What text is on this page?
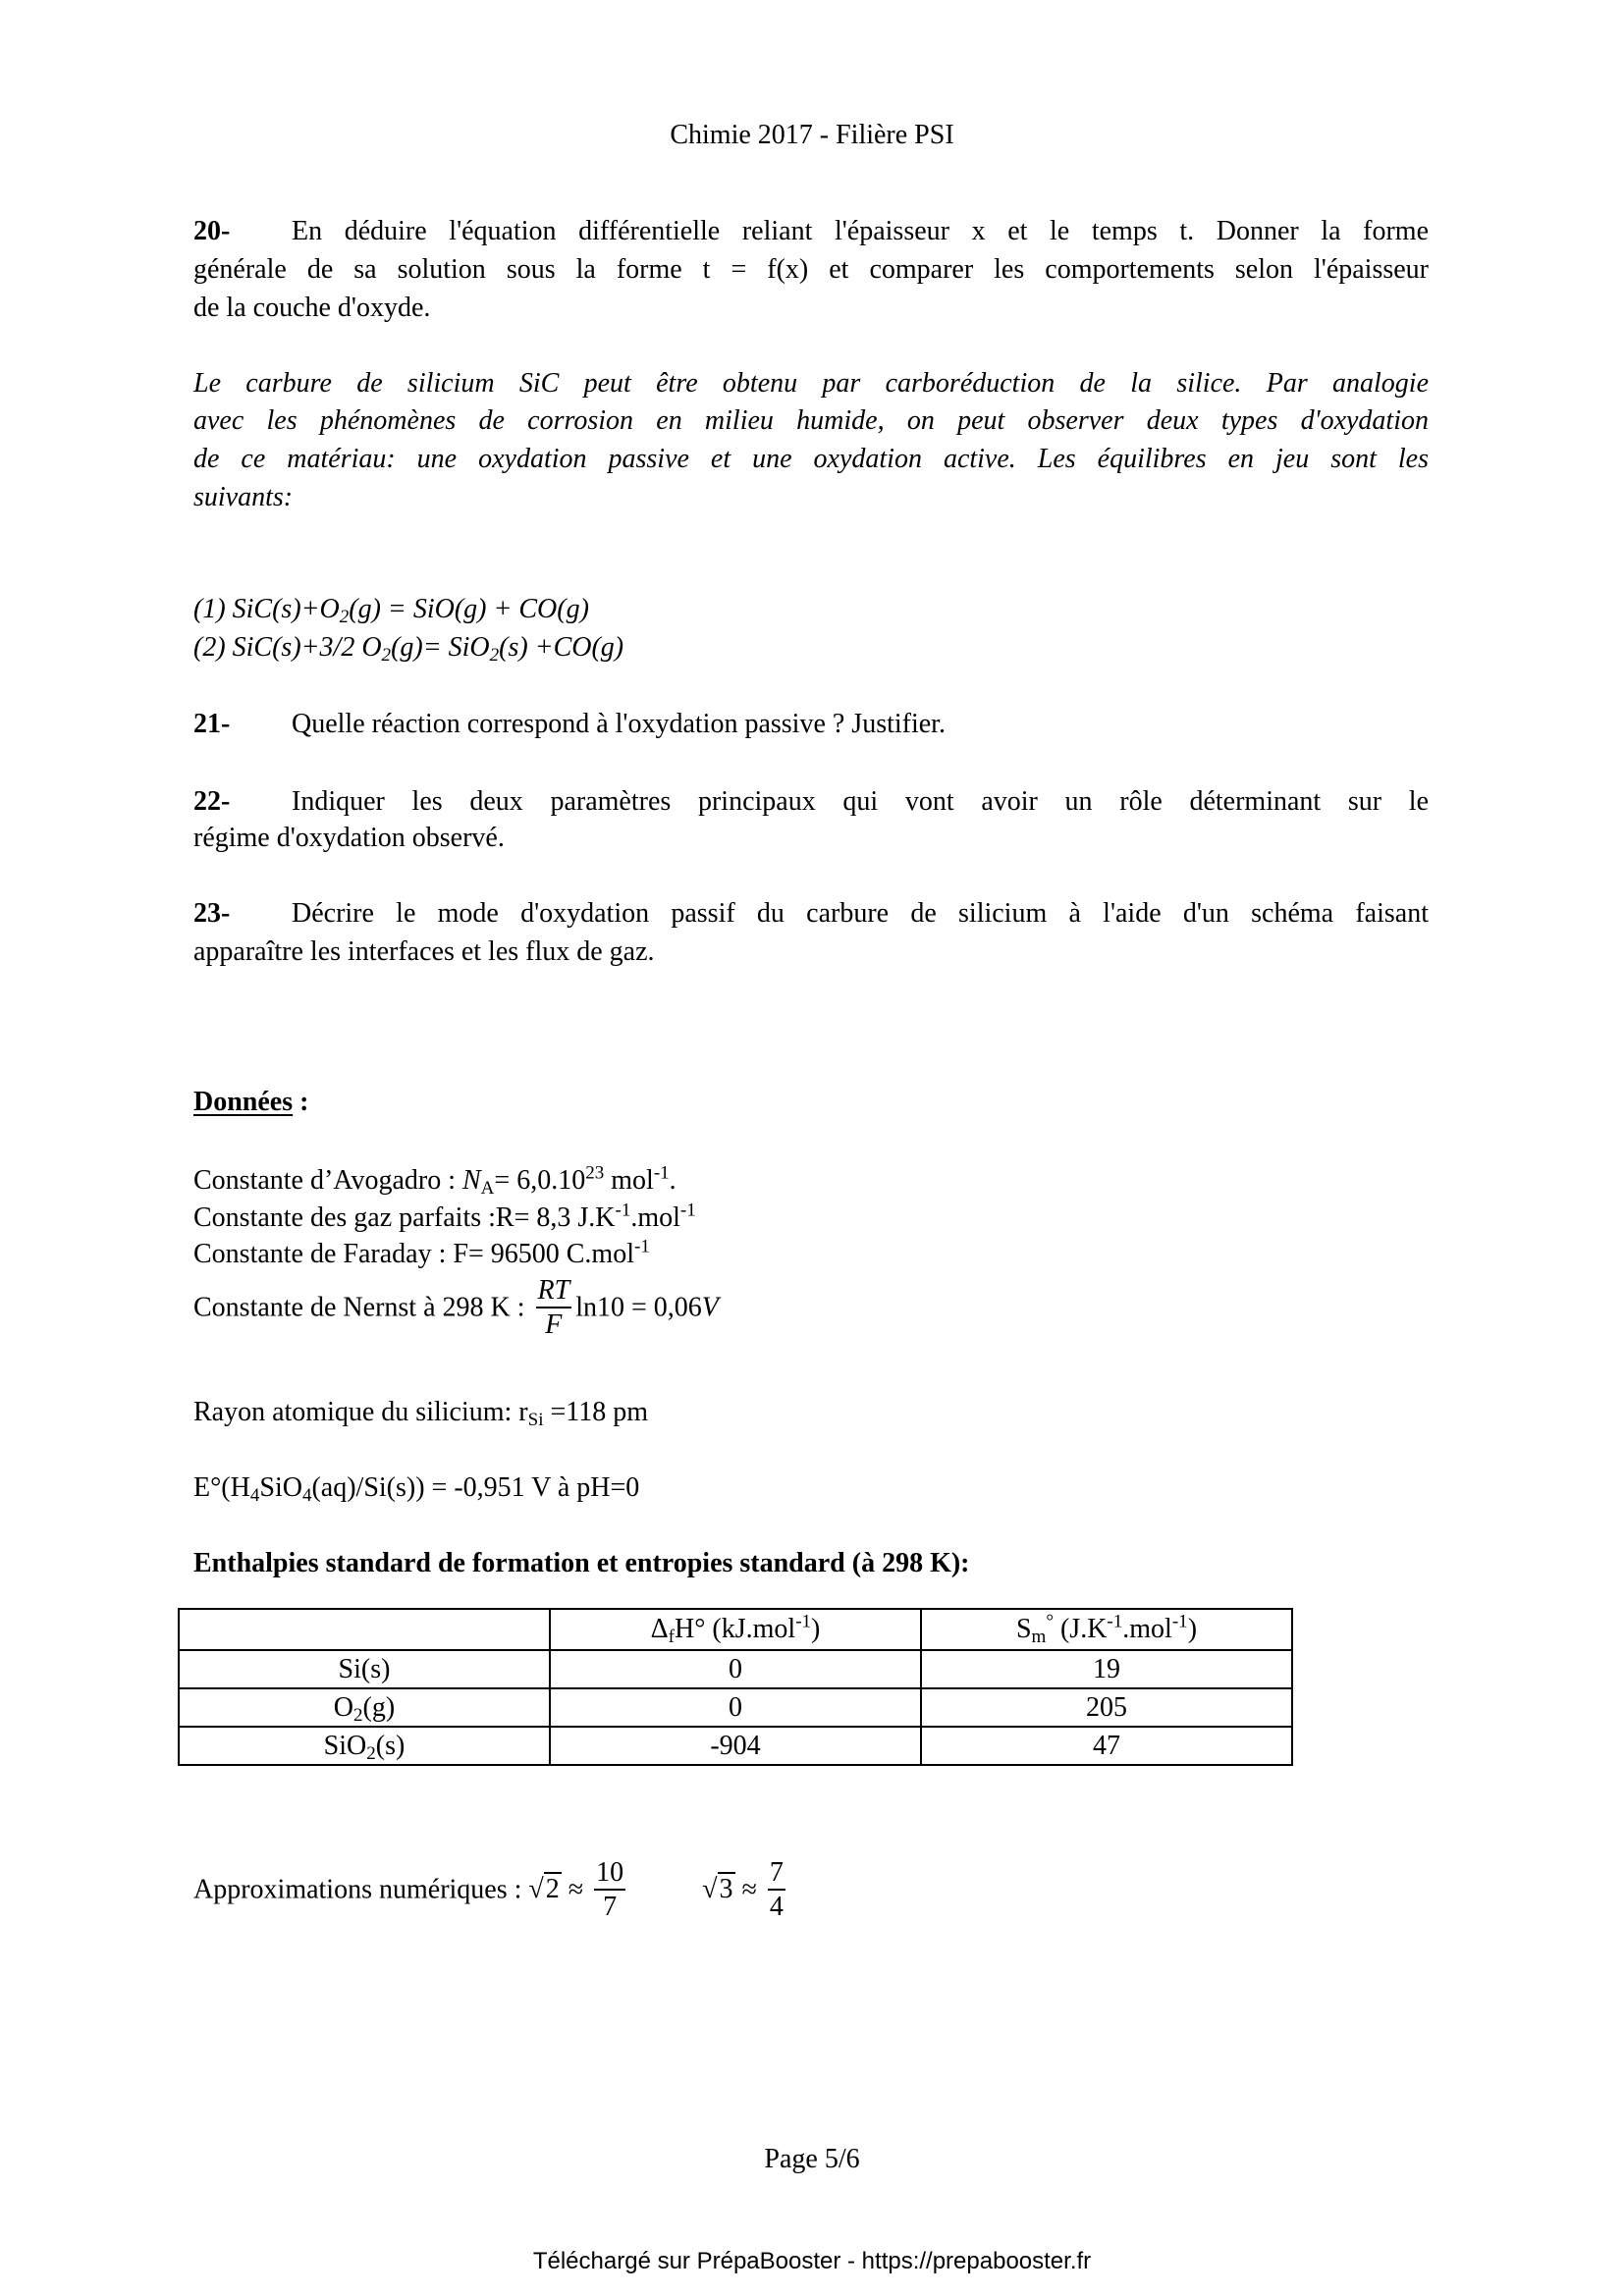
Chimie 2017 - Filière PSI
20- En déduire l'équation différentielle reliant l'épaisseur x et le temps t. Donner la forme
générale de sa solution sous la forme t = f(x) et comparer les comportements selon l'épaisseur
de la couche d'oxyde.
Le carbure de silicium SiC peut être obtenu par carboréduction de la silice. Par analogie
avec les phénomènes de corrosion en milieu humide, on peut observer deux types d'oxydation
de ce matériau: une oxydation passive et une oxydation active. Les équilibres en jeu sont les
suivants:
(1) $SiC(s)+O_2(g) = SiO(g) + CO(g)$
(2) SiC(s)+3/2 $O_2(g)= SiO_2(s) +CO(g)$
21- Quelle réaction correspond à l'oxydation passive ? Justifier.
22- Indiquer les deux paramètres principaux qui vont avoir un rôle déterminant sur le
régime d'oxydation observé.
23- Décrire le mode d'oxydation passif du carbure de silicium à l'aide d'un schéma faisant
apparaître les interfaces et les flux de gaz.
Données :
Constante d’Avogadro : $N_A= 6,0.10^{23}$ mol$^{-1}$.
Constante des gaz parfaits :R= 8,3 $J.K^{-1}.mol^{-1}$
Constante de Faraday : F= 96500 C.mol$^{-1}$
Constante de Nernst à 298 K : $\frac{RT}{F} \ln 10 = 0,06V$
Rayon atomique du silicium: $r_{Si} =118$ pm
$E^\circ(H_4SiO_4(aq)/Si(s)) = -0,951$ V à pH=0
Enthalpies standard de formation et entropies standard (à 298 K):
	$\Delta_fH^\circ$ (kJ.mol$^{-1}$)	$S_m^\circ$ $(J.K^{-1}.mol^{-1})$
Si(s)	0	19
$O_2(g)$	0	205
SiO$_2$(s)	-904	47
Approximations numériques : $√2 \approx \frac{10}{7}$	$√3 \approx \frac{7}{4}$
Page 5/6
Téléchargé sur PrépaBooster - https://prepabooster.fr
